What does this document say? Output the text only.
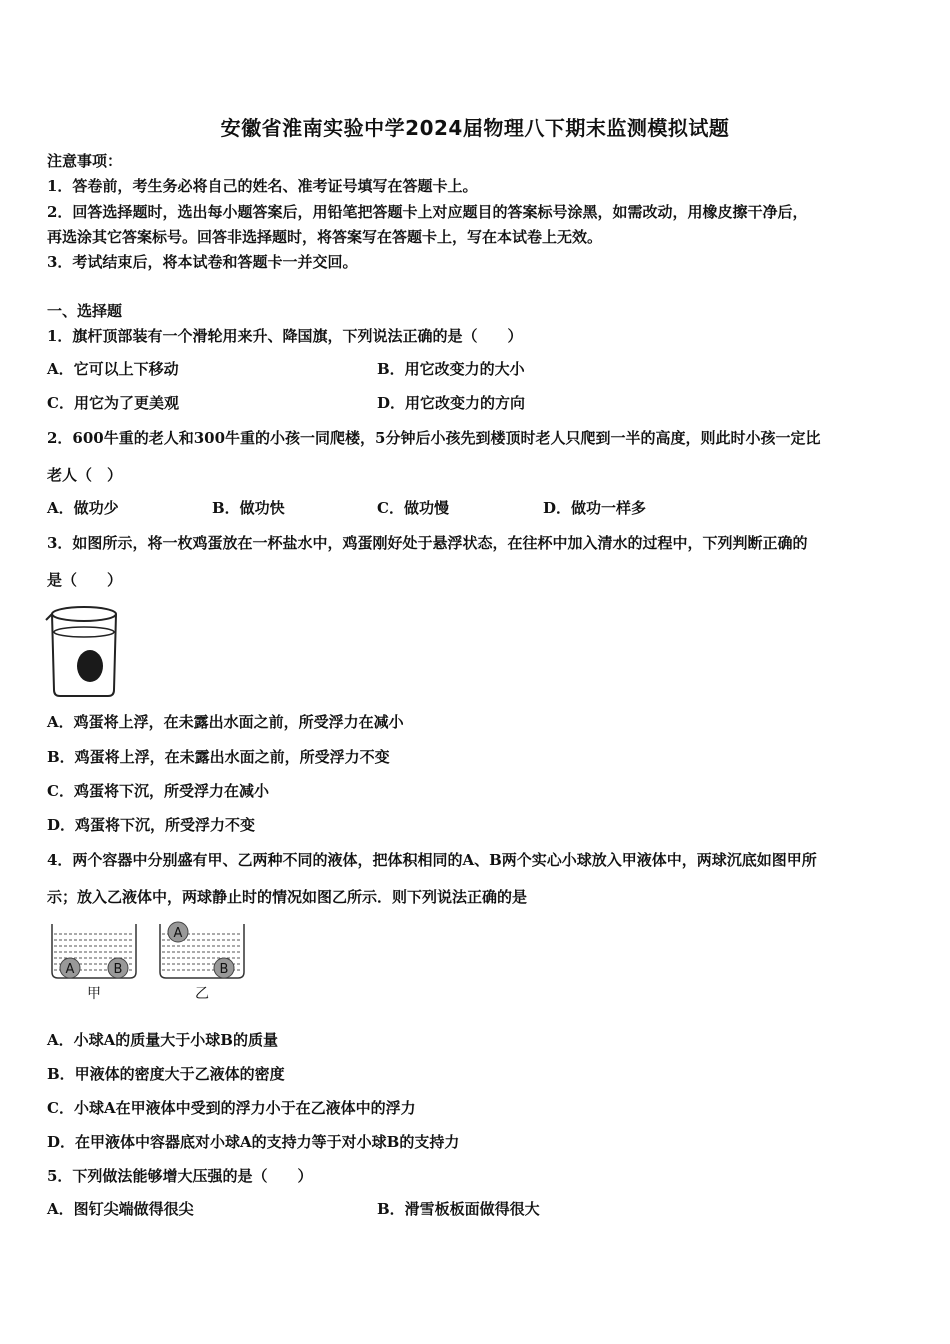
安徽省淮南实验中学2024届物理八下期末监测模拟试题
注意事项：
1．答卷前，考生务必将自己的姓名、准考证号填写在答题卡上。
2．回答选择题时，选出每小题答案后，用铅笔把答题卡上对应题目的答案标号涂黑，如需改动，用橡皮擦干净后，
再选涂其它答案标号。回答非选择题时，将答案写在答题卡上，写在本试卷上无效。
3．考试结束后，将本试卷和答题卡一并交回。
一、选择题
1．旗杆顶部装有一个滑轮用来升、降国旗，下列说法正确的是（　　）
A．它可以上下移动	B．用它改变力的大小
C．用它为了更美观	D．用它改变力的方向
2．600牛重的老人和300牛重的小孩一同爬楼，5分钟后小孩先到楼顶时老人只爬到一半的高度，则此时小孩一定比
老人（　）
A．做功少	B．做功快	C．做功慢	D．做功一样多
3．如图所示，将一枚鸡蛋放在一杯盐水中，鸡蛋刚好处于悬浮状态，在往杯中加入清水的过程中，下列判断正确的
是（　　）
A．鸡蛋将上浮，在未露出水面之前，所受浮力在减小
B．鸡蛋将上浮，在未露出水面之前，所受浮力不变
C．鸡蛋将下沉，所受浮力在减小
D．鸡蛋将下沉，所受浮力不变
4．两个容器中分别盛有甲、乙两种不同的液体，把体积相同的A、B两个实心小球放入甲液体中，两球沉底如图甲所
示；放入乙液体中，两球静止时的情况如图乙所示．则下列说法正确的是
A	B
甲
A
B
乙
A．小球A的质量大于小球B的质量
B．甲液体的密度大于乙液体的密度
C．小球A在甲液体中受到的浮力小于在乙液体中的浮力
D．在甲液体中容器底对小球A的支持力等于对小球B的支持力
5．下列做法能够增大压强的是（　　）
A．图钉尖端做得很尖	B．滑雪板板面做得很大
